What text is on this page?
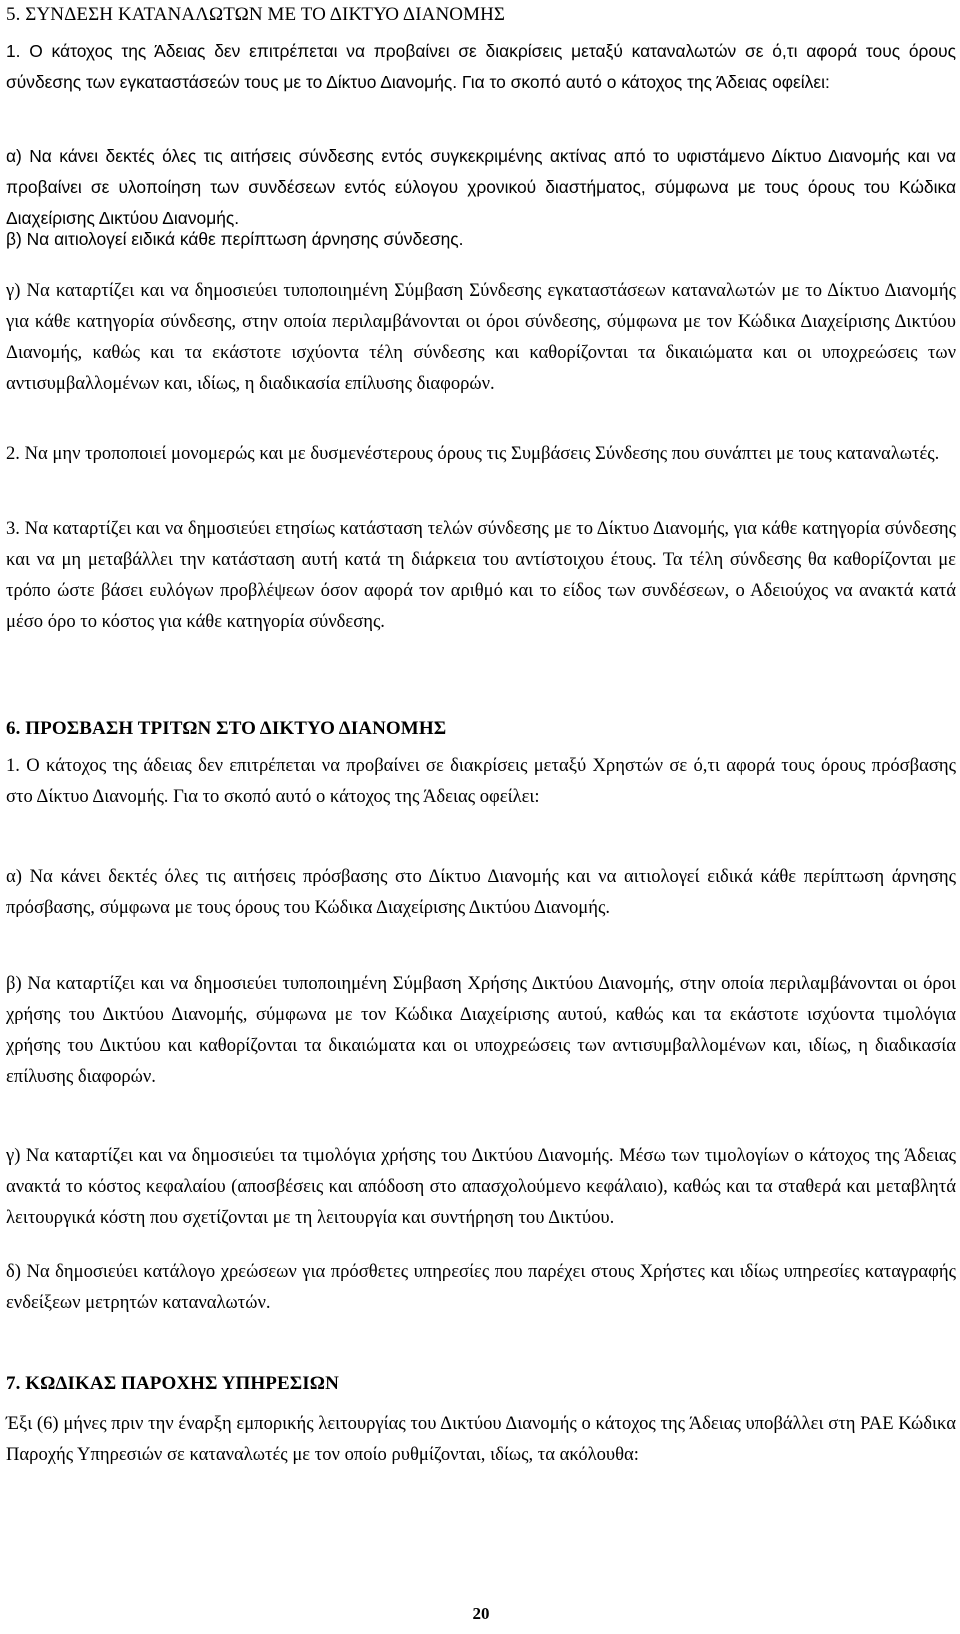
5. ΣΥΝΔΕΣΗ ΚΑΤΑΝΑΛΩΤΩΝ ΜΕ ΤΟ ΔΙΚΤΥΟ ΔΙΑΝΟΜΗΣ

1. Ο κάτοχος της Άδειας δεν επιτρέπεται να προβαίνει σε διακρίσεις μεταξύ καταναλωτών σε ό,τι αφορά τους όρους σύνδεσης των εγκαταστάσεών τους με το Δίκτυο Διανομής. Για το σκοπό αυτό ο κάτοχος της Άδειας οφείλει:

α) Να κάνει δεκτές όλες τις αιτήσεις σύνδεσης εντός συγκεκριμένης ακτίνας από το υφιστάμενο Δίκτυο Διανομής και να προβαίνει σε υλοποίηση των συνδέσεων εντός εύλογου χρονικού διαστήματος, σύμφωνα με τους όρους του Κώδικα Διαχείρισης Δικτύου Διανομής.

β) Να αιτιολογεί ειδικά κάθε περίπτωση άρνησης σύνδεσης.

γ) Να καταρτίζει και να δημοσιεύει τυποποιημένη Σύμβαση Σύνδεσης εγκαταστάσεων καταναλωτών με το Δίκτυο Διανομής για κάθε κατηγορία σύνδεσης, στην οποία περιλαμβάνονται οι όροι σύνδεσης, σύμφωνα με τον Κώδικα Διαχείρισης Δικτύου Διανομής, καθώς και τα εκάστοτε ισχύοντα τέλη σύνδεσης και καθορίζονται τα δικαιώματα και οι υποχρεώσεις των αντισυμβαλλομένων και, ιδίως, η διαδικασία επίλυσης διαφορών.

2. Να μην τροποποιεί μονομερώς και με δυσμενέστερους όρους τις Συμβάσεις Σύνδεσης που συνάπτει με τους καταναλωτές.

3. Να καταρτίζει και να δημοσιεύει ετησίως κατάσταση τελών σύνδεσης με το Δίκτυο Διανομής, για κάθε κατηγορία σύνδεσης και να μη μεταβάλλει την κατάσταση αυτή κατά τη διάρκεια του αντίστοιχου έτους. Τα τέλη σύνδεσης θα καθορίζονται με τρόπο ώστε βάσει ευλόγων προβλέψεων όσον αφορά τον αριθμό και το είδος των συνδέσεων, ο Αδειούχος να ανακτά κατά μέσο όρο το κόστος για κάθε κατηγορία σύνδεσης.

6. ΠΡΟΣΒΑΣΗ ΤΡΙΤΩΝ ΣΤΟ ΔΙΚΤΥΟ ΔΙΑΝΟΜΗΣ

1. Ο κάτοχος της άδειας δεν επιτρέπεται να προβαίνει σε διακρίσεις μεταξύ Χρηστών σε ό,τι αφορά τους όρους πρόσβασης στο Δίκτυο Διανομής. Για το σκοπό αυτό ο κάτοχος της Άδειας οφείλει:

α) Να κάνει δεκτές όλες τις αιτήσεις πρόσβασης στο Δίκτυο Διανομής και να αιτιολογεί ειδικά κάθε περίπτωση άρνησης πρόσβασης, σύμφωνα με τους όρους του Κώδικα Διαχείρισης Δικτύου Διανομής.

β) Να καταρτίζει και να δημοσιεύει τυποποιημένη Σύμβαση Χρήσης Δικτύου Διανομής, στην οποία περιλαμβάνονται οι όροι χρήσης του Δικτύου Διανομής, σύμφωνα με τον Κώδικα Διαχείρισης αυτού, καθώς και τα εκάστοτε ισχύοντα τιμολόγια χρήσης του Δικτύου και καθορίζονται τα δικαιώματα και οι υποχρεώσεις των αντισυμβαλλομένων και, ιδίως, η διαδικασία επίλυσης διαφορών.

γ) Να καταρτίζει και να δημοσιεύει τα τιμολόγια χρήσης του Δικτύου Διανομής. Μέσω των τιμολογίων ο κάτοχος της Άδειας ανακτά το κόστος κεφαλαίου (αποσβέσεις και απόδοση στο απασχολούμενο κεφάλαιο), καθώς και τα σταθερά και μεταβλητά λειτουργικά κόστη που σχετίζονται με τη λειτουργία και συντήρηση του Δικτύου.

δ) Να δημοσιεύει κατάλογο χρεώσεων για πρόσθετες υπηρεσίες που παρέχει στους Χρήστες και ιδίως υπηρεσίες καταγραφής ενδείξεων μετρητών καταναλωτών.

7. ΚΩΔΙΚΑΣ ΠΑΡΟΧΗΣ ΥΠΗΡΕΣΙΩΝ

Έξι (6) μήνες πριν την έναρξη εμπορικής λειτουργίας του Δικτύου Διανομής ο κάτοχος της Άδειας υποβάλλει στη ΡΑΕ Κώδικα Παροχής Υπηρεσιών σε καταναλωτές με τον οποίο ρυθμίζονται, ιδίως, τα ακόλουθα:

20
